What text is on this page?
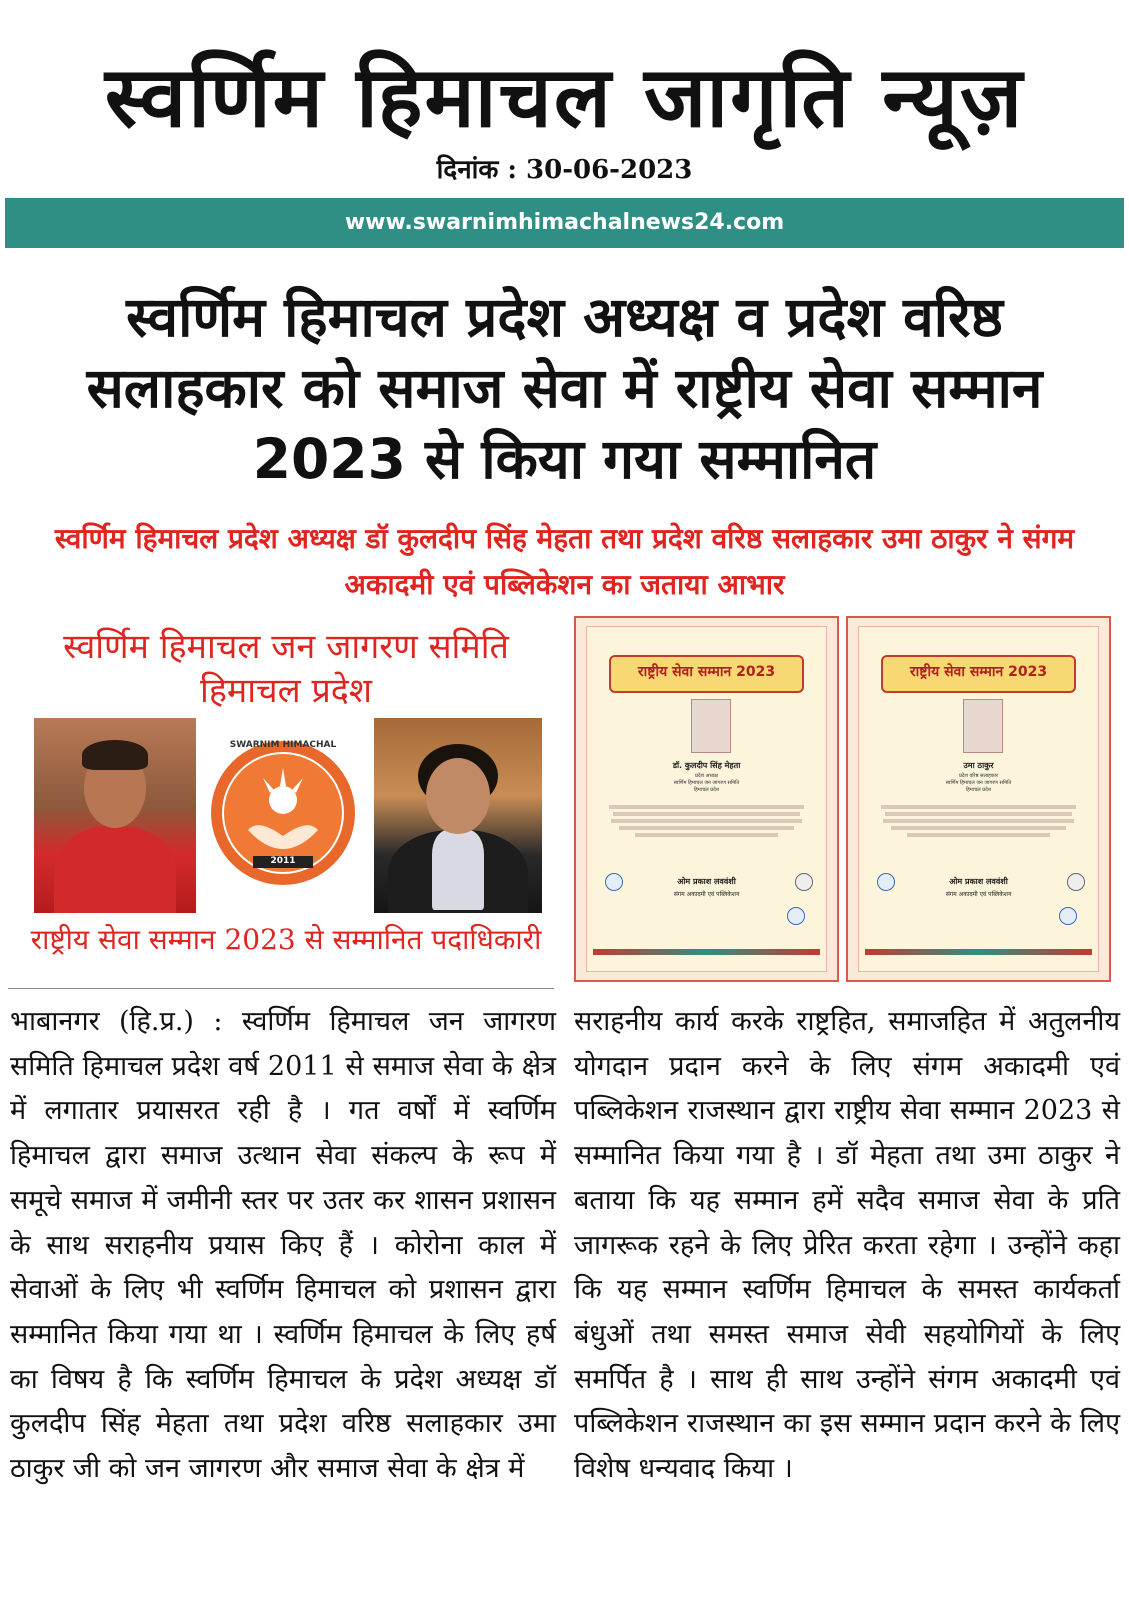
स्वर्णिम हिमाचल जागृति न्यूज़
दिनांक : 30-06-2023
www.swarnimhimachalnews24.com
स्वर्णिम हिमाचल प्रदेश अध्यक्ष व प्रदेश वरिष्ठ सलाहकार को समाज सेवा में राष्ट्रीय सेवा सम्मान 2023 से किया गया सम्मानित
स्वर्णिम हिमाचल प्रदेश अध्यक्ष डॉ कुलदीप सिंह मेहता तथा प्रदेश वरिष्ठ सलाहकार उमा ठाकुर ने संगम अकादमी एवं पब्लिकेशन का जताया आभार
स्वर्णिम हिमाचल जन जागरण समिति
हिमाचल प्रदेश
SWARNIM HIMACHAL
2011
राष्ट्रीय सेवा सम्मान 2023 से सम्मानित पदाधिकारी
राष्ट्रीय सेवा सम्मान 2023
डॉ. कुलदीप सिंह मेहता
प्रदेश अध्यक्ष
स्वर्णिम हिमाचल जन जागरण समिति
हिमाचल प्रदेश
ओम प्रकाश लववंशी
संगम अकादमी एवं पब्लिकेशन
राष्ट्रीय सेवा सम्मान 2023
उमा ठाकुर
प्रदेश वरिष्ठ सलाहकार
स्वर्णिम हिमाचल जन जागरण समिति
हिमाचल प्रदेश
ओम प्रकाश लववंशी
संगम अकादमी एवं पब्लिकेशन
भाबानगर (हि.प्र.) : स्वर्णिम हिमाचल जन जागरण समिति हिमाचल प्रदेश वर्ष 2011 से समाज सेवा के क्षेत्र में लगातार प्रयासरत रही है । गत वर्षों में स्वर्णिम हिमाचल द्वारा समाज उत्थान सेवा संकल्प के रूप में समूचे समाज में जमीनी स्तर पर उतर कर शासन प्रशासन के साथ सराहनीय प्रयास किए हैं । कोरोना काल में सेवाओं के लिए भी स्वर्णिम हिमाचल को प्रशासन द्वारा सम्मानित किया गया था । स्वर्णिम हिमाचल के लिए हर्ष का विषय है कि स्वर्णिम हिमाचल के प्रदेश अध्यक्ष डॉ कुलदीप सिंह मेहता तथा प्रदेश वरिष्ठ सलाहकार उमा ठाकुर जी को जन जागरण और समाज सेवा के क्षेत्र में
सराहनीय कार्य करके राष्ट्रहित, समाजहित में अतुलनीय योगदान प्रदान करने के लिए संगम अकादमी एवं पब्लिकेशन राजस्थान द्वारा राष्ट्रीय सेवा सम्मान 2023 से सम्मानित किया गया है । डॉ मेहता तथा उमा ठाकुर ने बताया कि यह सम्मान हमें सदैव समाज सेवा के प्रति जागरूक रहने के लिए प्रेरित करता रहेगा । उन्होंने कहा कि यह सम्मान स्वर्णिम हिमाचल के समस्त कार्यकर्ता बंधुओं तथा समस्त समाज सेवी सहयोगियों के लिए समर्पित है । साथ ही साथ उन्होंने संगम अकादमी एवं पब्लिकेशन राजस्थान का इस सम्मान प्रदान करने के लिए विशेष धन्यवाद किया ।
